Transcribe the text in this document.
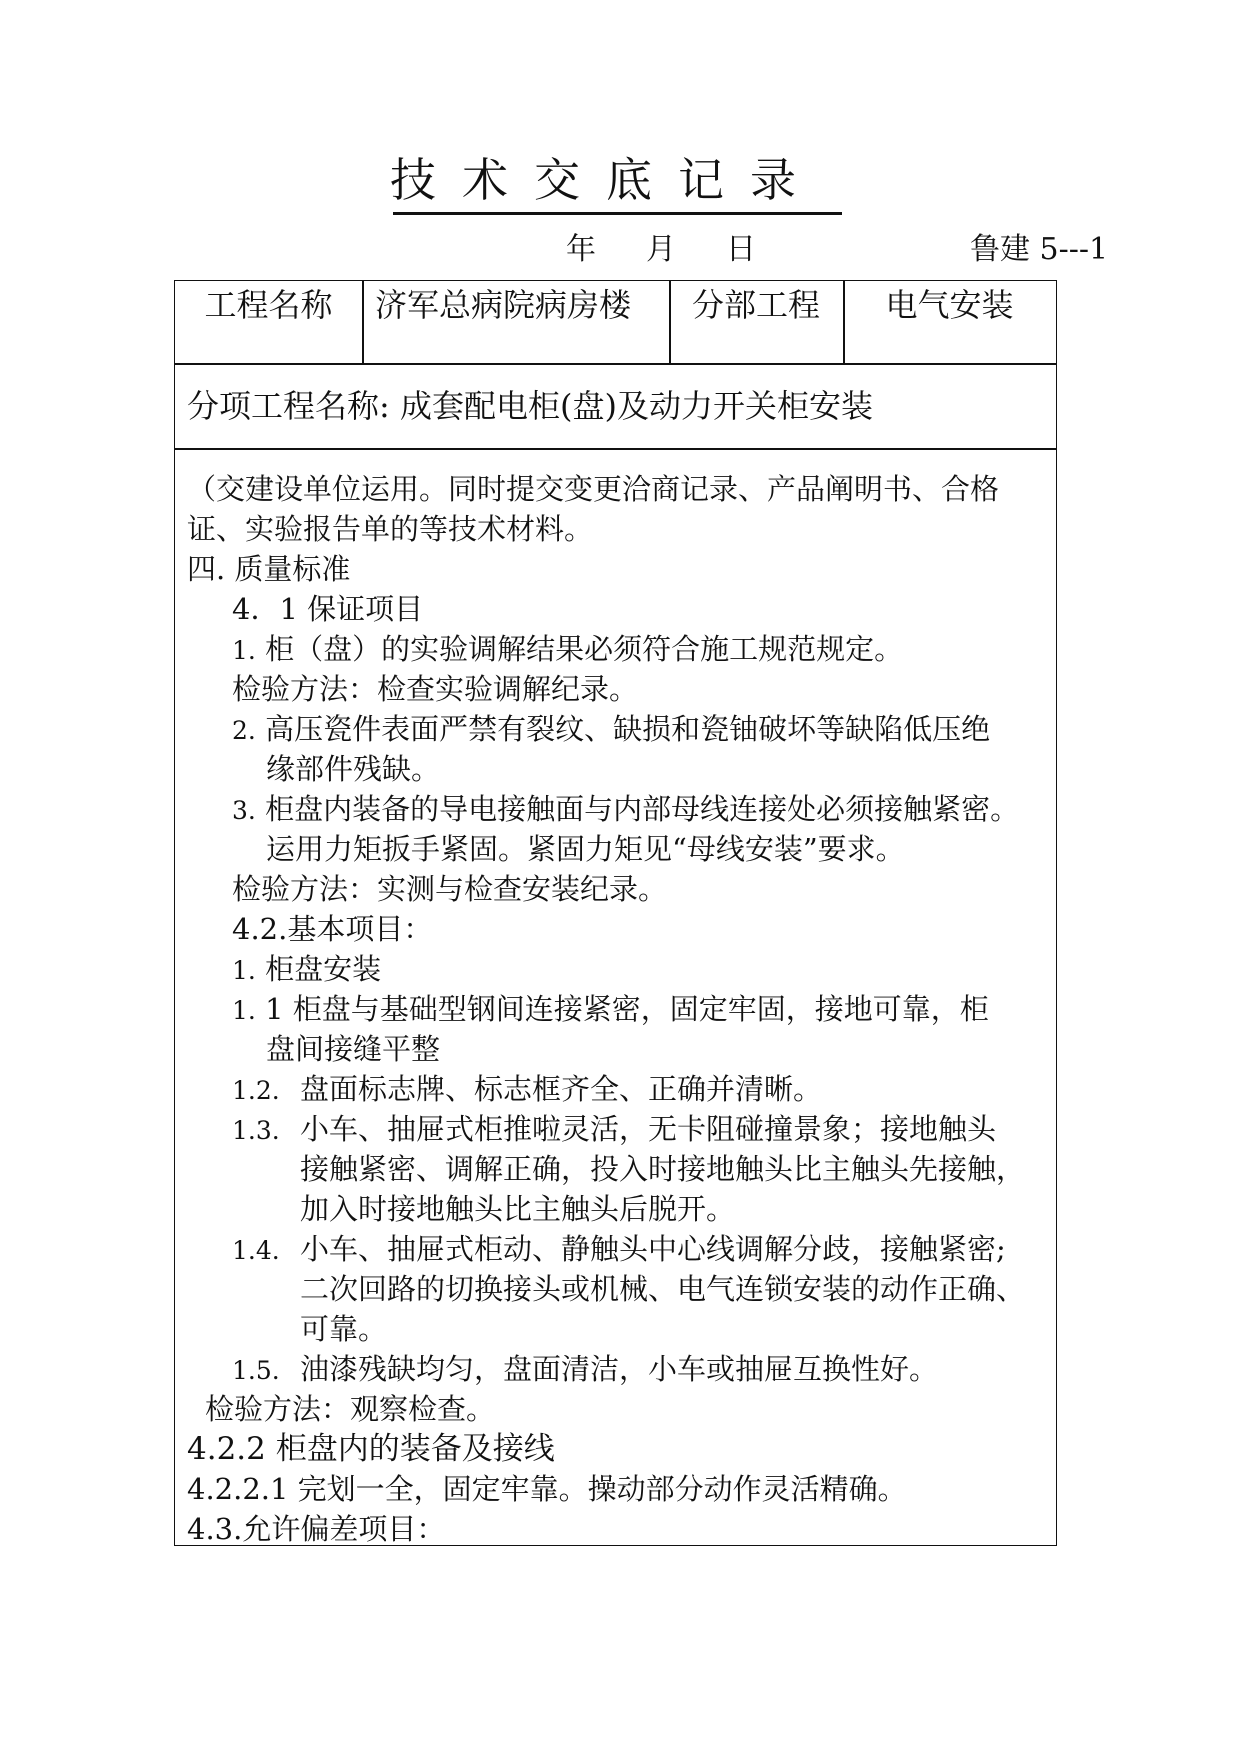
技术交底记录
年 月 日	鲁建 5---1
工程名称	济军总病院病房楼	分部工程	电气安装
分项工程名称: 成套配电柜(盘)及动力开关柜安装
（交建设单位运用。同时提交变更洽商记录、产品阐明书、合格
证、实验报告单的等技术材料。
四. 质量标准
4．1 保证项目
1. 柜（盘）的实验调解结果必须符合施工规范规定。
检验方法：检查实验调解纪录。
2. 高压瓷件表面严禁有裂纹、缺损和瓷铀破坏等缺陷低压绝
缘部件残缺。
3. 柜盘内装备的导电接触面与内部母线连接处必须接触紧密。
运用力矩扳手紧固。紧固力矩见“母线安装”要求。
检验方法：实测与检查安装纪录。
4.2.基本项目：
1. 柜盘安装
1. 1 柜盘与基础型钢间连接紧密，固定牢固，接地可靠，柜
盘间接缝平整
1.2. 盘面标志牌、标志框齐全、正确并清晰。
1.3. 小车、抽屉式柜推啦灵活，无卡阻碰撞景象；接地触头
接触紧密、调解正确，投入时接地触头比主触头先接触，
加入时接地触头比主触头后脱开。
1.4. 小车、抽屉式柜动、静触头中心线调解分歧，接触紧密;
二次回路的切换接头或机械、电气连锁安装的动作正确、
可靠。
1.5. 油漆残缺均匀，盘面清洁，小车或抽屉互换性好。
检验方法：观察检查。
4.2.2 柜盘内的装备及接线
4.2.2.1 完划一全，固定牢靠。操动部分动作灵活精确。
4.3.允许偏差项目：
